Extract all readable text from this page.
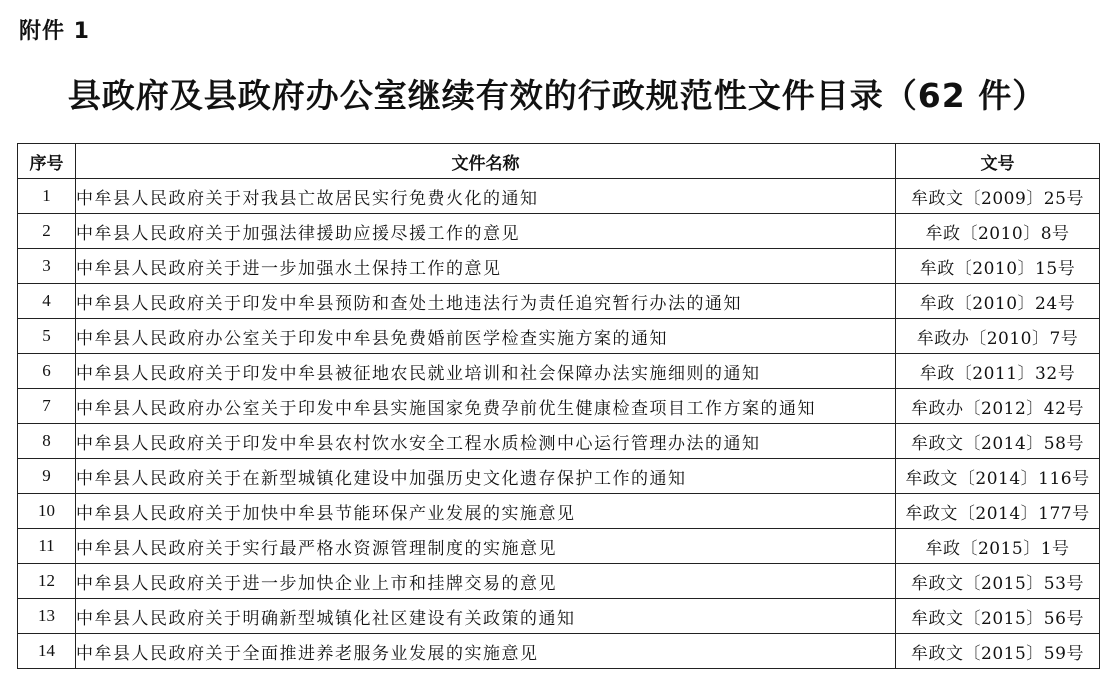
附件 1
县政府及县政府办公室继续有效的行政规范性文件目录（62 件）
序号	文件名称	文号
1	中牟县人民政府关于对我县亡故居民实行免费火化的通知	牟政文〔2009〕25号
2	中牟县人民政府关于加强法律援助应援尽援工作的意见	牟政〔2010〕8号
3	中牟县人民政府关于进一步加强水土保持工作的意见	牟政〔2010〕15号
4	中牟县人民政府关于印发中牟县预防和查处土地违法行为责任追究暂行办法的通知	牟政〔2010〕24号
5	中牟县人民政府办公室关于印发中牟县免费婚前医学检查实施方案的通知	牟政办〔2010〕7号
6	中牟县人民政府关于印发中牟县被征地农民就业培训和社会保障办法实施细则的通知	牟政〔2011〕32号
7	中牟县人民政府办公室关于印发中牟县实施国家免费孕前优生健康检查项目工作方案的通知	牟政办〔2012〕42号
8	中牟县人民政府关于印发中牟县农村饮水安全工程水质检测中心运行管理办法的通知	牟政文〔2014〕58号
9	中牟县人民政府关于在新型城镇化建设中加强历史文化遗存保护工作的通知	牟政文〔2014〕116号
10	中牟县人民政府关于加快中牟县节能环保产业发展的实施意见	牟政文〔2014〕177号
11	中牟县人民政府关于实行最严格水资源管理制度的实施意见	牟政〔2015〕1号
12	中牟县人民政府关于进一步加快企业上市和挂牌交易的意见	牟政文〔2015〕53号
13	中牟县人民政府关于明确新型城镇化社区建设有关政策的通知	牟政文〔2015〕56号
14	中牟县人民政府关于全面推进养老服务业发展的实施意见	牟政文〔2015〕59号
